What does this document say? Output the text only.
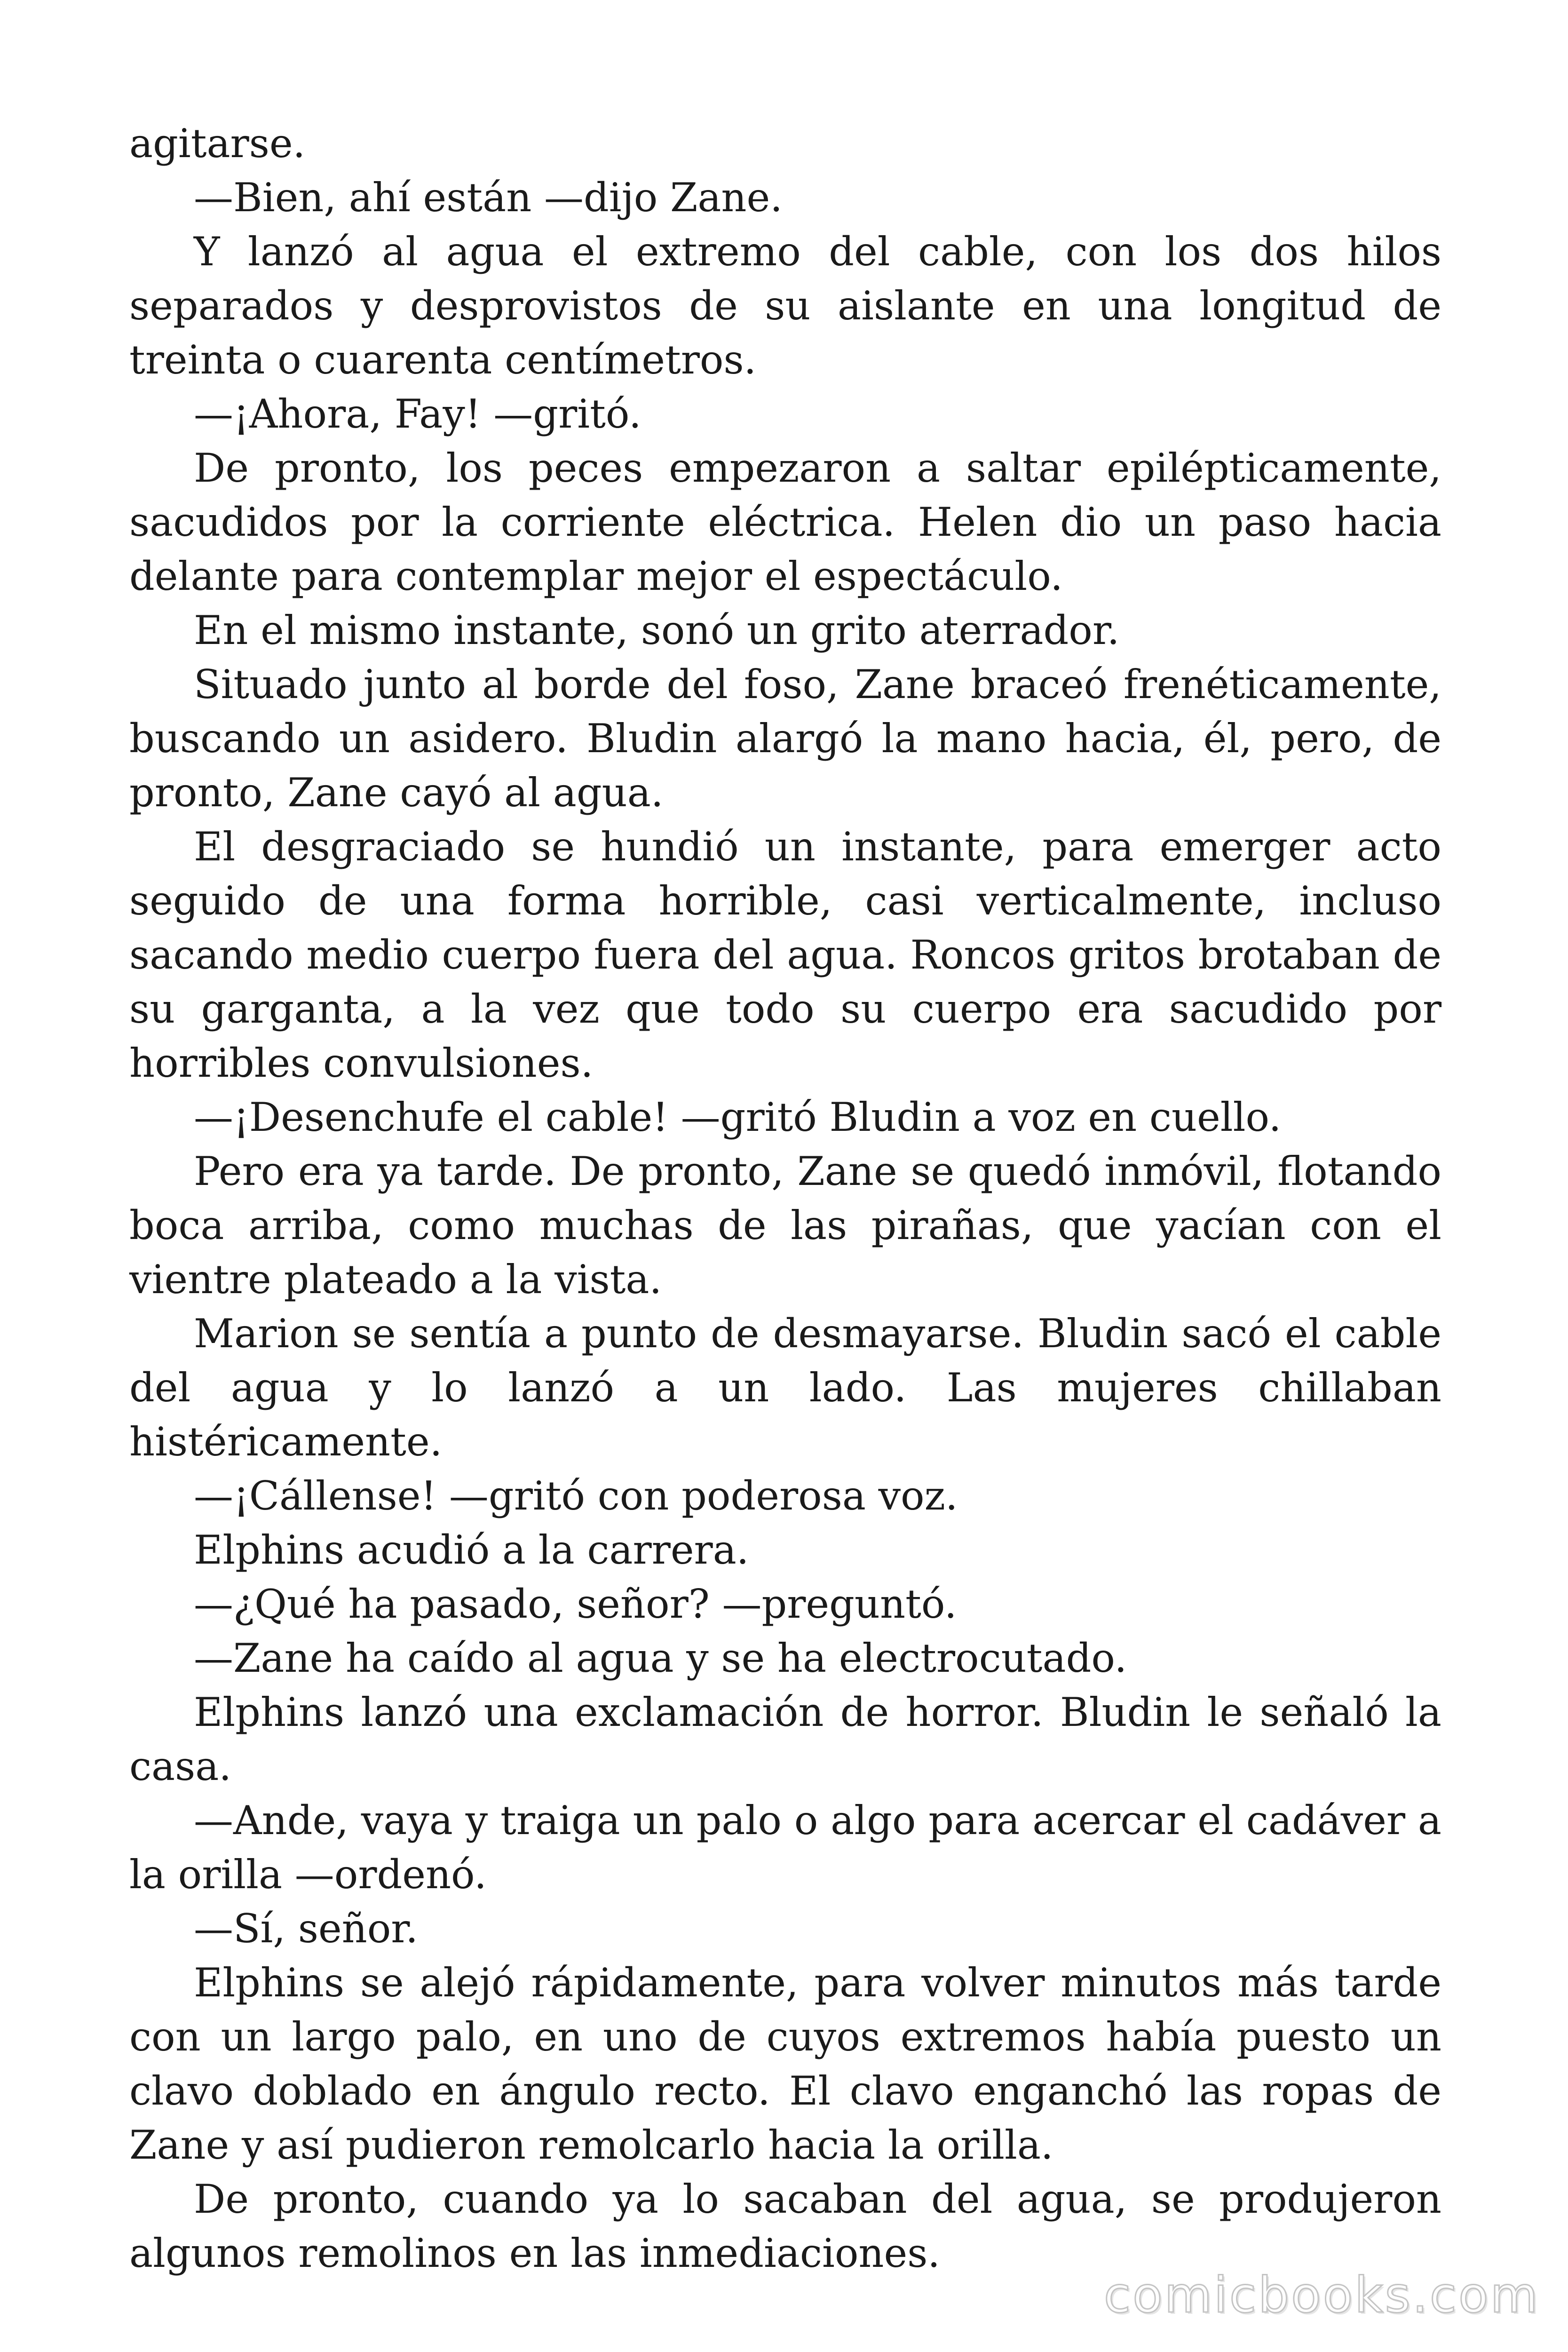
agitarse.

—Bien, ahí están —dijo Zane.

Y lanzó al agua el extremo del cable, con los dos hilos separados y desprovistos de su aislante en una longitud de treinta o cuarenta centímetros.

—¡Ahora, Fay! —gritó.

De pronto, los peces empezaron a saltar epilépticamente, sacudidos por la corriente eléctrica. Helen dio un paso hacia delante para contemplar mejor el espectáculo.

En el mismo instante, sonó un grito aterrador.

Situado junto al borde del foso, Zane braceó frenéticamente, buscando un asidero. Bludin alargó la mano hacia, él, pero, de pronto, Zane cayó al agua.

El desgraciado se hundió un instante, para emerger acto seguido de una forma horrible, casi verticalmente, incluso sacando medio cuerpo fuera del agua. Roncos gritos brotaban de su garganta, a la vez que todo su cuerpo era sacudido por horribles convulsiones.

—¡Desenchufe el cable! —gritó Bludin a voz en cuello.

Pero era ya tarde. De pronto, Zane se quedó inmóvil, flotando boca arriba, como muchas de las pirañas, que yacían con el vientre plateado a la vista.

Marion se sentía a punto de desmayarse. Bludin sacó el cable del agua y lo lanzó a un lado. Las mujeres chillaban histéricamente.

—¡Cállense! —gritó con poderosa voz.

Elphins acudió a la carrera.

—¿Qué ha pasado, señor? —preguntó.

—Zane ha caído al agua y se ha electrocutado.

Elphins lanzó una exclamación de horror. Bludin le señaló la casa.

—Ande, vaya y traiga un palo o algo para acercar el cadáver a la orilla —ordenó.

—Sí, señor.

Elphins se alejó rápidamente, para volver minutos más tarde con un largo palo, en uno de cuyos extremos había puesto un clavo doblado en ángulo recto. El clavo enganchó las ropas de Zane y así pudieron remolcarlo hacia la orilla.

De pronto, cuando ya lo sacaban del agua, se produjeron algunos remolinos en las inmediaciones.

comicbooks.com
